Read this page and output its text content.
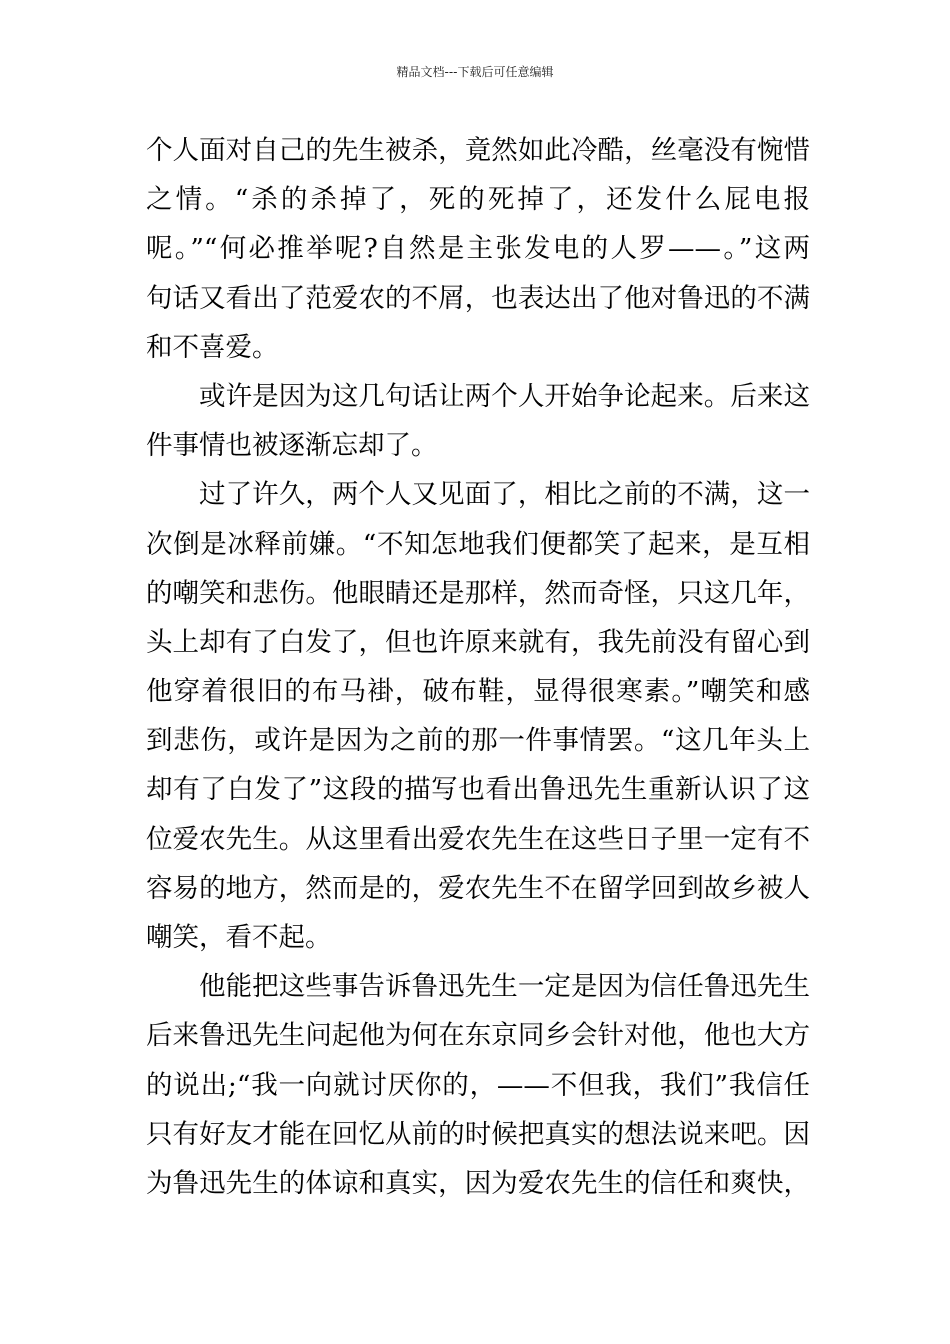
精品文档---下载后可任意编辑
个人面对自己的先生被杀，竟然如此冷酷，丝毫没有惋惜
之情。“杀的杀掉了，死的死掉了，还发什么屁电报
呢。”“何必推举呢?自然是主张发电的人罗——。”这两
句话又看出了范爱农的不屑，也表达出了他对鲁迅的不满
和不喜爱。
或许是因为这几句话让两个人开始争论起来。后来这
件事情也被逐渐忘却了。
过了许久，两个人又见面了，相比之前的不满，这一
次倒是冰释前嫌。“不知怎地我们便都笑了起来，是互相
的嘲笑和悲伤。他眼睛还是那样，然而奇怪，只这几年，
头上却有了白发了，但也许原来就有，我先前没有留心到
他穿着很旧的布马褂，破布鞋，显得很寒素。”嘲笑和感
到悲伤，或许是因为之前的那一件事情罢。“这几年头上
却有了白发了”这段的描写也看出鲁迅先生重新认识了这
位爱农先生。从这里看出爱农先生在这些日子里一定有不
容易的地方，然而是的，爱农先生不在留学回到故乡被人
嘲笑，看不起。
他能把这些事告诉鲁迅先生一定是因为信任鲁迅先生
后来鲁迅先生问起他为何在东京同乡会针对他，他也大方
的说出;“我一向就讨厌你的，——不但我，我们”我信任
只有好友才能在回忆从前的时候把真实的想法说来吧。因
为鲁迅先生的体谅和真实，因为爱农先生的信任和爽快，
